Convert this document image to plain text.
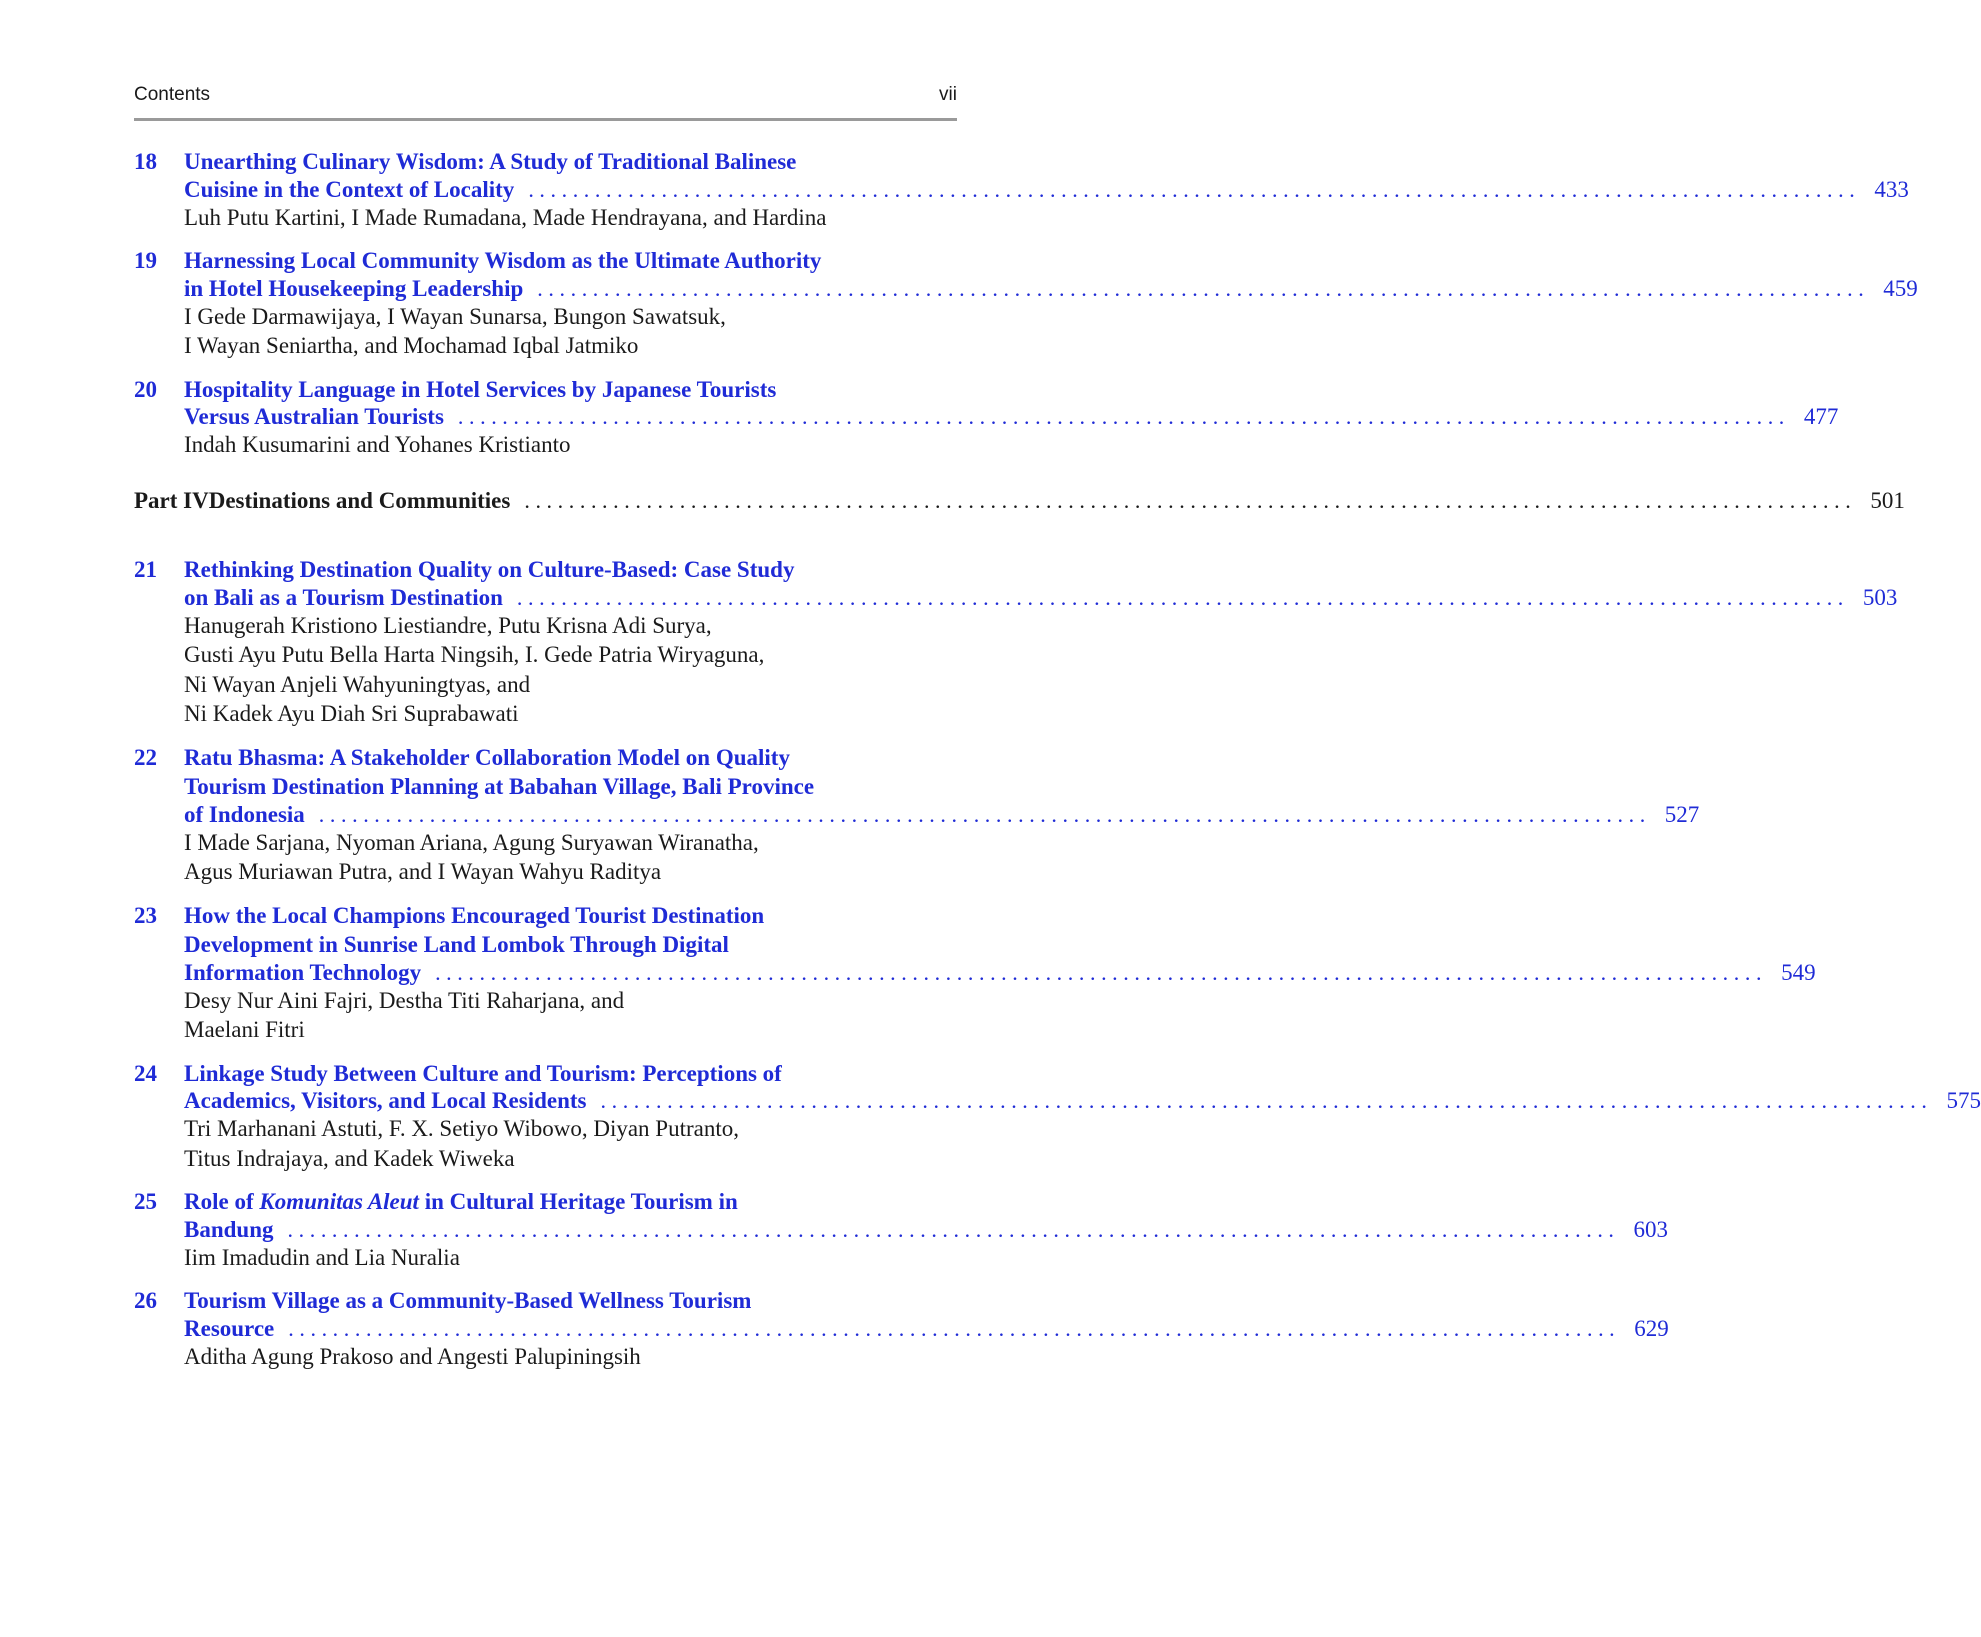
Contents	vii
18	Unearthing Culinary Wisdom: A Study of Traditional Balinese
Cuisine in the Context of Locality ........................................................................................................................ 433
Luh Putu Kartini, I Made Rumadana, Made Hendrayana, and Hardina
19	Harnessing Local Community Wisdom as the Ultimate Authority
in Hotel Housekeeping Leadership ........................................................................................................................ 459
I Gede Darmawijaya, I Wayan Sunarsa, Bungon Sawatsuk,
I Wayan Seniartha, and Mochamad Iqbal Jatmiko
20	Hospitality Language in Hotel Services by Japanese Tourists
Versus Australian Tourists ........................................................................................................................ 477
Indah Kusumarini and Yohanes Kristianto
Part IV Destinations and Communities ........................................................................................................................ 501
21	Rethinking Destination Quality on Culture-Based: Case Study
on Bali as a Tourism Destination ........................................................................................................................ 503
Hanugerah Kristiono Liestiandre, Putu Krisna Adi Surya,
Gusti Ayu Putu Bella Harta Ningsih, I. Gede Patria Wiryaguna,
Ni Wayan Anjeli Wahyuningtyas, and
Ni Kadek Ayu Diah Sri Suprabawati
22	Ratu Bhasma: A Stakeholder Collaboration Model on Quality
Tourism Destination Planning at Babahan Village, Bali Province
of Indonesia ........................................................................................................................ 527
I Made Sarjana, Nyoman Ariana, Agung Suryawan Wiranatha,
Agus Muriawan Putra, and I Wayan Wahyu Raditya
23	How the Local Champions Encouraged Tourist Destination
Development in Sunrise Land Lombok Through Digital
Information Technology ........................................................................................................................ 549
Desy Nur Aini Fajri, Destha Titi Raharjana, and
Maelani Fitri
24	Linkage Study Between Culture and Tourism: Perceptions of
Academics, Visitors, and Local Residents ........................................................................................................................ 575
Tri Marhanani Astuti, F. X. Setiyo Wibowo, Diyan Putranto,
Titus Indrajaya, and Kadek Wiweka
25	Role of Komunitas Aleut in Cultural Heritage Tourism in
Bandung ........................................................................................................................ 603
Iim Imadudin and Lia Nuralia
26	Tourism Village as a Community-Based Wellness Tourism
Resource ........................................................................................................................ 629
Aditha Agung Prakoso and Angesti Palupiningsih
